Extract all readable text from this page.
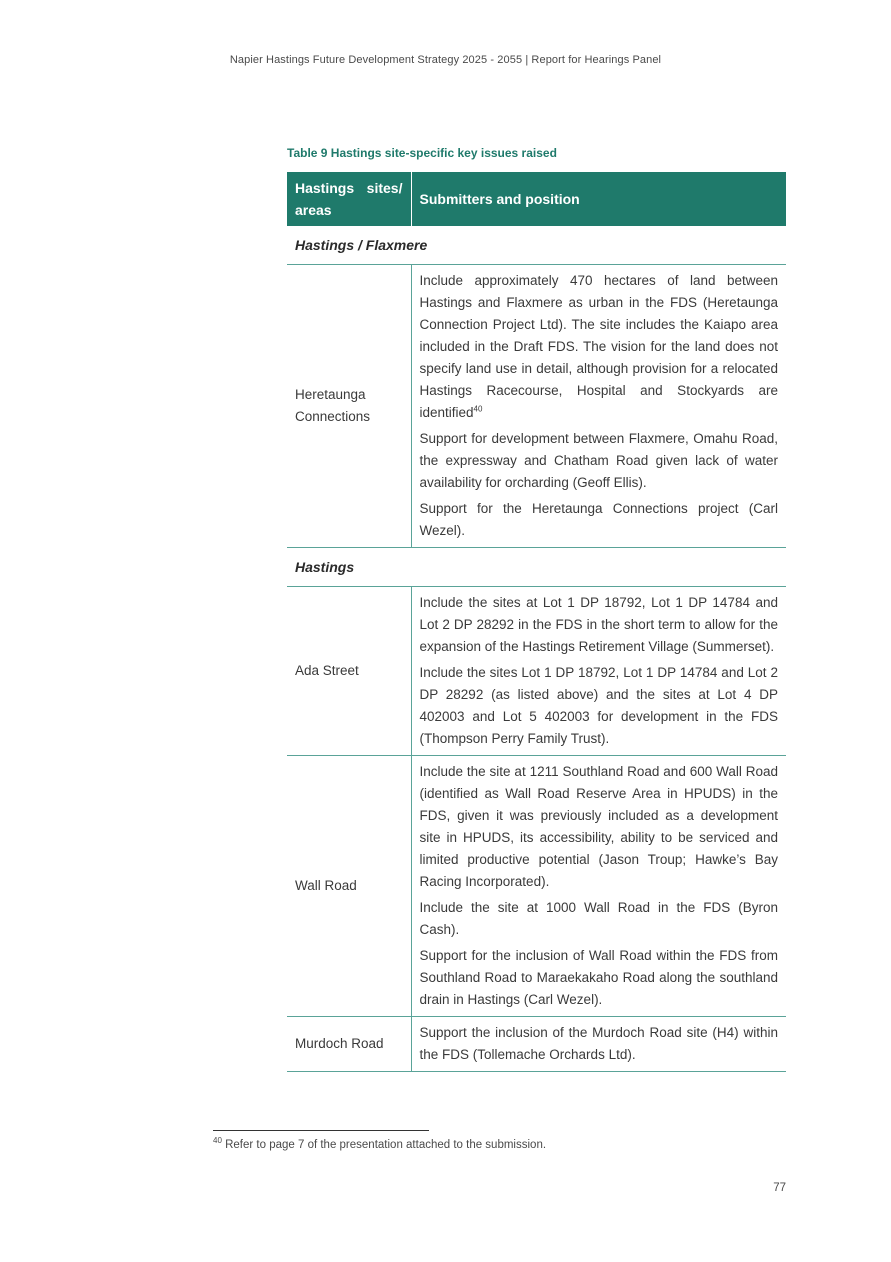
Napier Hastings Future Development Strategy 2025 - 2055 | Report for Hearings Panel
Table 9 Hastings site-specific key issues raised
Hastings sites/ areas	Submitters and position
Hastings / Flaxmere	
Heretaunga Connections	Include approximately 470 hectares of land between Hastings and Flaxmere as urban in the FDS (Heretaunga Connection Project Ltd). The site includes the Kaiapo area included in the Draft FDS. The vision for the land does not specify land use in detail, although provision for a relocated Hastings Racecourse, Hospital and Stockyards are identified$^{40}$

Support for development between Flaxmere, Omahu Road, the expressway and Chatham Road given lack of water availability for orcharding (Geoff Ellis).

Support for the Heretaunga Connections project (Carl Wezel).

Hastings	
Ada Street	Include the sites at Lot 1 DP 18792, Lot 1 DP 14784 and Lot 2 DP 28292 in the FDS in the short term to allow for the expansion of the Hastings Retirement Village (Summerset).

Include the sites Lot 1 DP 18792, Lot 1 DP 14784 and Lot 2 DP 28292 (as listed above) and the sites at Lot 4 DP 402003 and Lot 5 402003 for development in the FDS (Thompson Perry Family Trust).

Wall Road	Include the site at 1211 Southland Road and 600 Wall Road (identified as Wall Road Reserve Area in HPUDS) in the FDS, given it was previously included as a development site in HPUDS, its accessibility, ability to be serviced and limited productive potential (Jason Troup; Hawke’s Bay Racing Incorporated).

Include the site at 1000 Wall Road in the FDS (Byron Cash).

Support for the inclusion of Wall Road within the FDS from Southland Road to Maraekakaho Road along the southland drain in Hastings (Carl Wezel).

Murdoch Road	Support the inclusion of the Murdoch Road site (H4) within the FDS (Tollemache Orchards Ltd).

$^{40}$ Refer to page 7 of the presentation attached to the submission.
77
